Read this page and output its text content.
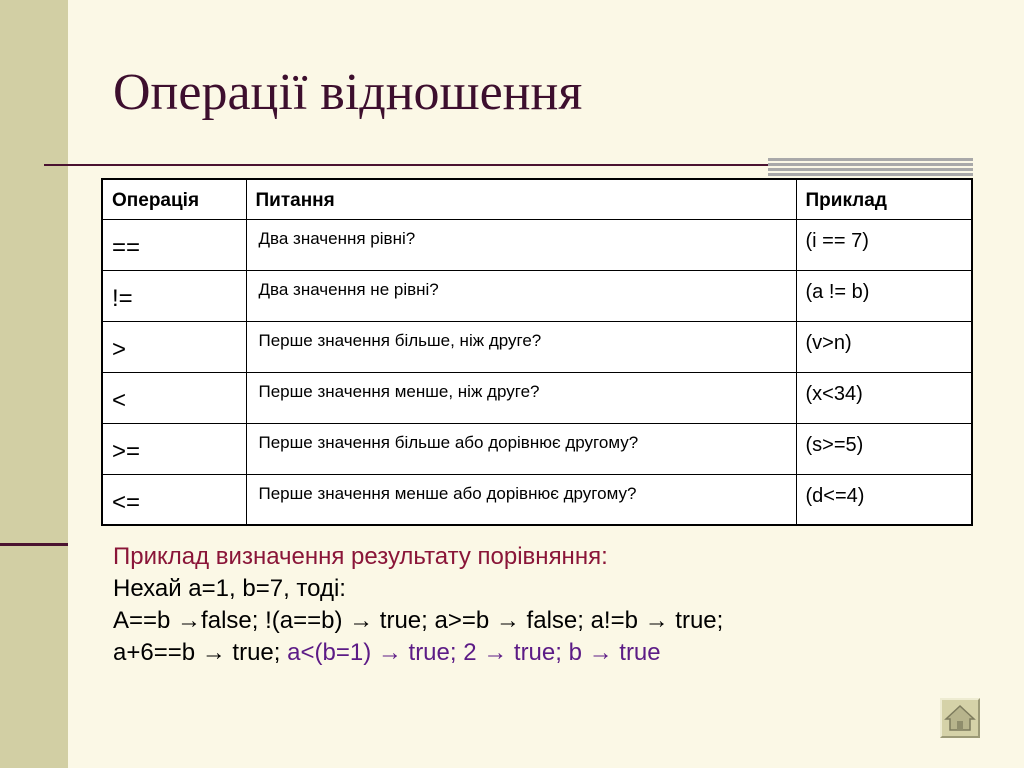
Операції відношення
Операція	Питання	Приклад
==	Два значення рівні?	(i == 7)
!=	Два значення не рівні?	(a != b)
>	Перше значення більше, ніж друге?	(v>n)
<	Перше значення менше, ніж друге?	(x<34)
>=	Перше значення більше або дорівнює другому?	(s>=5)
<=	Перше значення менше або дорівнює другому?	(d<=4)
Приклад визначення результату порівняння:
Нехай a=1, b=7, тоді:
A==b →false; !(a==b) → true; a>=b → false; a!=b → true;
a+6==b → true; a<(b=1) → true; 2 → true; b → true
